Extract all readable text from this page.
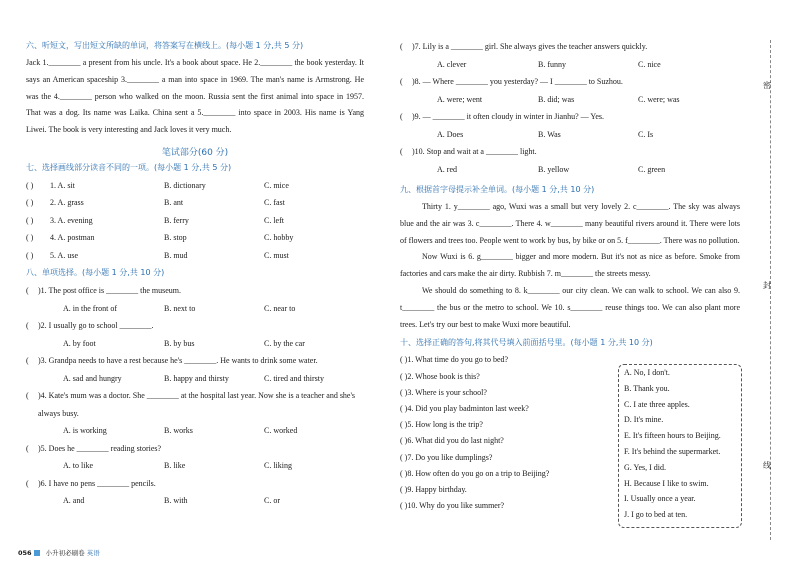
六、听短文，写出短文所缺的单词，将答案写在横线上。(每小题 1 分,共 5 分)
Jack 1.________ a present from his uncle. It's a book about space. He 2.________ the book yesterday. It says an American spaceship 3.________ a man into space in 1969. The man's name is Armstrong. He was the 4.________ person who walked on the moon. Russia sent the first animal into space in 1957. That was a dog. Its name was Laika. China sent a 5.________ into space in 2003. His name is Yang Liwei. The book is very interesting and Jack loves it very much.
笔试部分(60 分)
七、选择画线部分读音不同的一项。(每小题 1 分,共 5 分)
( ) 1. A. sit	B. dictionary	C. mice
( ) 2. A. grass	B. ant	C. fast
( ) 3. A. evening	B. ferry	C. left
( ) 4. A. postman	B. stop	C. hobby
( ) 5. A. use	B. mud	C. must
八、单项选择。(每小题 1 分,共 10 分)
( )1. The post office is ________ the museum.
A. in the front of	B. next to	C. near to
( )2. I usually go to school ________.
A. by foot	B. by bus	C. by the car
( )3. Grandpa needs to have a rest because he's ________. He wants to drink some water.
A. sad and hungry	B. happy and thirsty	C. tired and thirsty
( )4. Kate's mum was a doctor. She ________ at the hospital last year. Now she is a teacher and she's always busy.
A. is working	B. works	C. worked
( )5. Does he ________ reading stories?
A. to like	B. like	C. liking
( )6. I have no pens ________ pencils.
A. and	B. with	C. or
( )7. Lily is a ________ girl. She always gives the teacher answers quickly.
A. clever	B. funny	C. nice
( )8. — Where ________ you yesterday? — I ________ to Suzhou.
A. were; went	B. did; was	C. were; was
( )9. — ________ it often cloudy in winter in Jianhu? — Yes.
A. Does	B. Was	C. Is
( )10. Stop and wait at a ________ light.
A. red	B. yellow	C. green
九、根据首字母提示补全单词。(每小题 1 分,共 10 分)
Thirty 1. y________ ago, Wuxi was a small but very lovely 2. c________. The sky was always blue and the air was 3. c________. There 4. w________ many beautiful rivers around it. There were lots of flowers and trees too. People went to work by bus, by bike or on 5. f________. There was no pollution.
Now Wuxi is 6. g________ bigger and more modern. But it's not as nice as before. Smoke from factories and cars make the air dirty. Rubbish 7. m________ the streets messy.
We should do something to 8. k________ our city clean. We can walk to school. We can also 9. t________ the bus or the metro to school. We 10. s________ reuse things too. We can also plant more trees. Let's try our best to make Wuxi more beautiful.
十、选择正确的答句,将其代号填入前面括号里。(每小题 1 分,共 10 分)
( )1. What time do you go to bed?
( )2. Whose book is this?
( )3. Where is your school?
( )4. Did you play badminton last week?
( )5. How long is the trip?
( )6. What did you do last night?
( )7. Do you like dumplings?
( )8. How often do you go on a trip to Beijing?
( )9. Happy birthday.
( )10. Why do you like summer?
A. No, I don't.
B. Thank you.
C. I ate three apples.
D. It's mine.
E. It's fifteen hours to Beijing.
F. It's behind the supermarket.
G. Yes, I did.
H. Because I like to swim.
I. Usually once a year.
J. I go to bed at ten.
密
封
线
056 小升初必刷卷 英语
